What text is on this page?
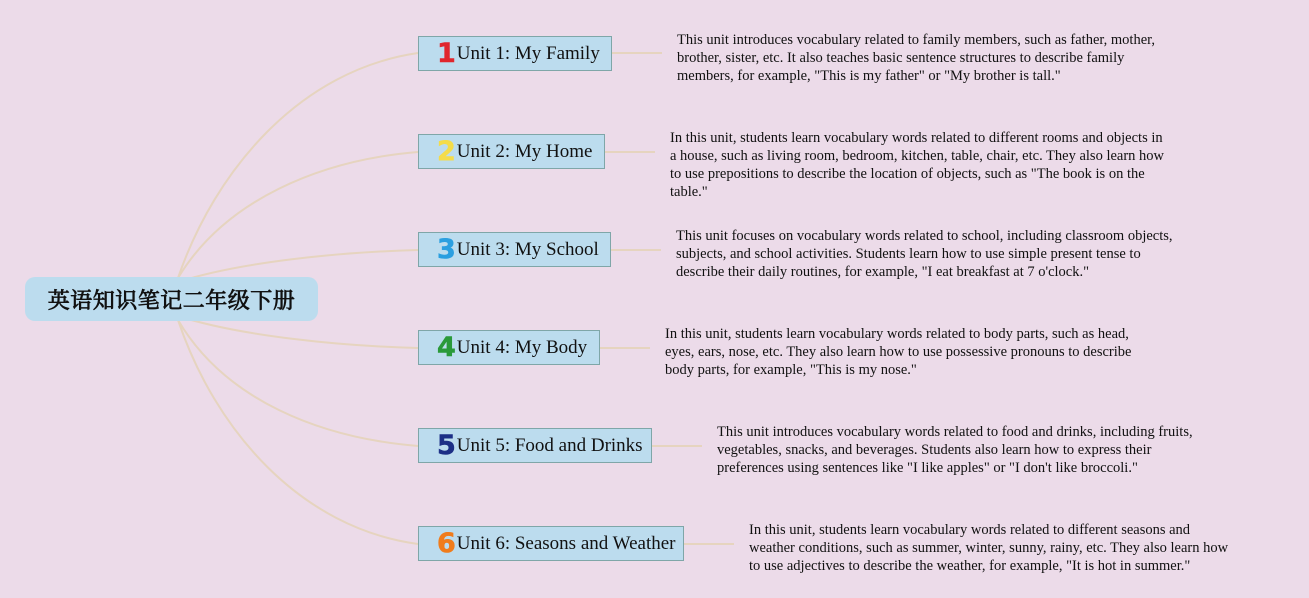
英语知识笔记二年级下册
1 Unit 1: My Family
This unit introduces vocabulary related to family members, such as father, mother, brother, sister, etc. It also teaches basic sentence structures to describe family members, for example, "This is my father" or "My brother is tall."
2 Unit 2: My Home
In this unit, students learn vocabulary words related to different rooms and objects in a house, such as living room, bedroom, kitchen, table, chair, etc. They also learn how to use prepositions to describe the location of objects, such as "The book is on the table."
3 Unit 3: My School
This unit focuses on vocabulary words related to school, including classroom objects, subjects, and school activities. Students learn how to use simple present tense to describe their daily routines, for example, "I eat breakfast at 7 o'clock."
4 Unit 4: My Body
In this unit, students learn vocabulary words related to body parts, such as head, eyes, ears, nose, etc. They also learn how to use possessive pronouns to describe body parts, for example, "This is my nose."
5 Unit 5: Food and Drinks
This unit introduces vocabulary words related to food and drinks, including fruits, vegetables, snacks, and beverages. Students also learn how to express their preferences using sentences like "I like apples" or "I don't like broccoli."
6 Unit 6: Seasons and Weather
In this unit, students learn vocabulary words related to different seasons and weather conditions, such as summer, winter, sunny, rainy, etc. They also learn how to use adjectives to describe the weather, for example, "It is hot in summer."
